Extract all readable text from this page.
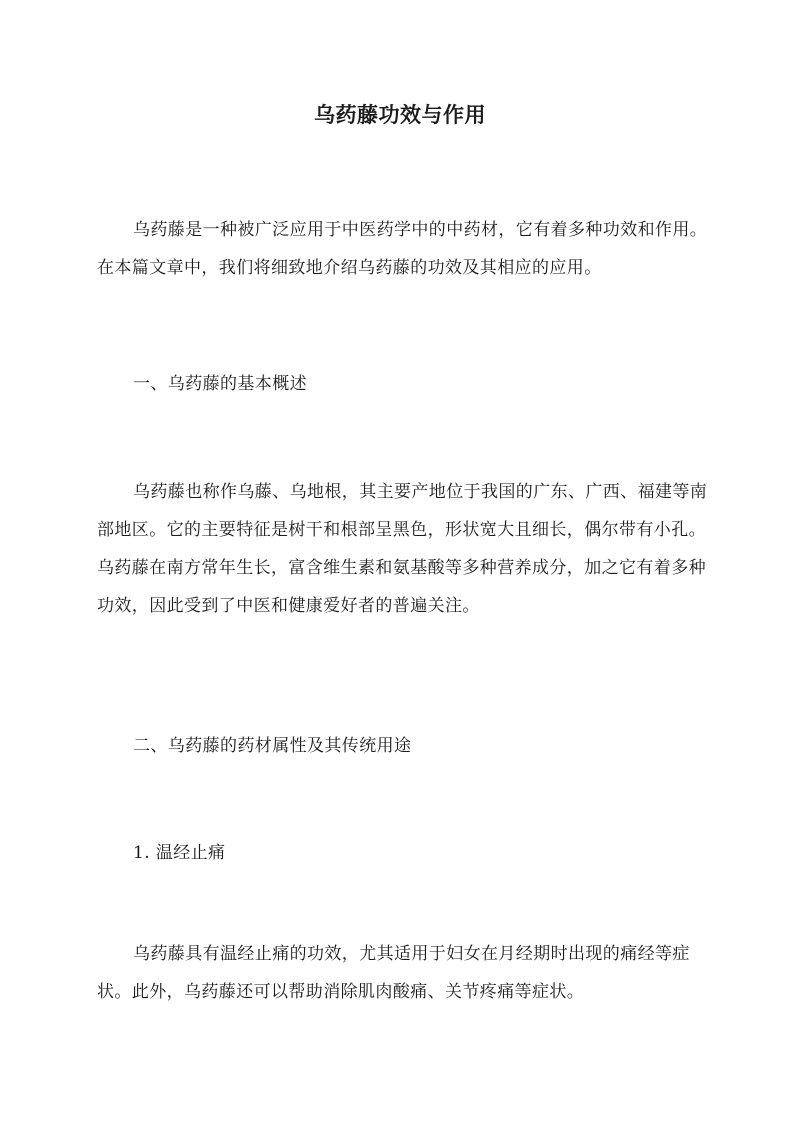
乌药藤功效与作用

乌药藤是一种被广泛应用于中医药学中的中药材，它有着多种功效和作用。在本篇文章中，我们将细致地介绍乌药藤的功效及其相应的应用。

一、乌药藤的基本概述

乌药藤也称作乌藤、乌地根，其主要产地位于我国的广东、广西、福建等南部地区。它的主要特征是树干和根部呈黑色，形状宽大且细长，偶尔带有小孔。乌药藤在南方常年生长，富含维生素和氨基酸等多种营养成分，加之它有着多种功效，因此受到了中医和健康爱好者的普遍关注。

二、乌药藤的药材属性及其传统用途

1. 温经止痛

乌药藤具有温经止痛的功效，尤其适用于妇女在月经期时出现的痛经等症状。此外，乌药藤还可以帮助消除肌肉酸痛、关节疼痛等症状。
